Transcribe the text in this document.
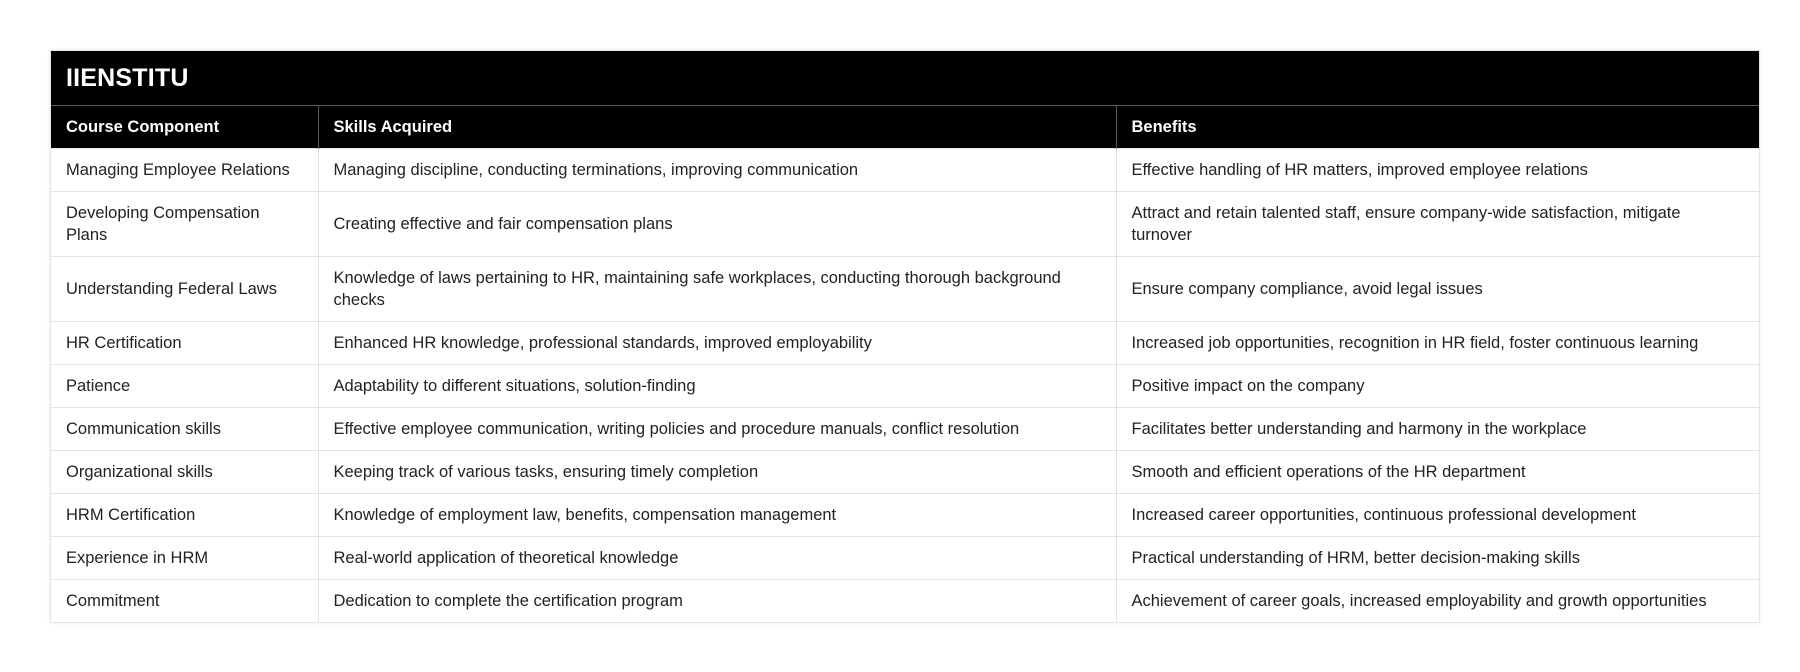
IIENSTITU
Course Component	Skills Acquired	Benefits
Managing Employee Relations	Managing discipline, conducting terminations, improving communication	Effective handling of HR matters, improved employee relations
Developing Compensation Plans	Creating effective and fair compensation plans	Attract and retain talented staff, ensure company-wide satisfaction, mitigate turnover
Understanding Federal Laws	Knowledge of laws pertaining to HR, maintaining safe workplaces, conducting thorough background checks	Ensure company compliance, avoid legal issues
HR Certification	Enhanced HR knowledge, professional standards, improved employability	Increased job opportunities, recognition in HR field, foster continuous learning
Patience	Adaptability to different situations, solution-finding	Positive impact on the company
Communication skills	Effective employee communication, writing policies and procedure manuals, conflict resolution	Facilitates better understanding and harmony in the workplace
Organizational skills	Keeping track of various tasks, ensuring timely completion	Smooth and efficient operations of the HR department
HRM Certification	Knowledge of employment law, benefits, compensation management	Increased career opportunities, continuous professional development
Experience in HRM	Real-world application of theoretical knowledge	Practical understanding of HRM, better decision-making skills
Commitment	Dedication to complete the certification program	Achievement of career goals, increased employability and growth opportunities
